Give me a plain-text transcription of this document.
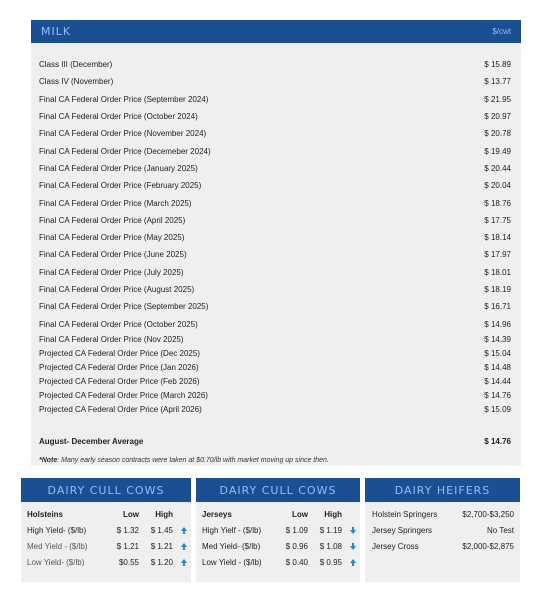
MILK	$/cwt
Class III (December)	$ 15.89
Class IV (November)	$ 13.77
Final CA Federal Order Price (September 2024)	$ 21.95
Final CA Federal Order Price (October 2024)	$ 20.97
Final CA Federal Order Price (November 2024)	$ 20.78
Final CA Federal Order Price (Decemeber 2024)	$ 19.49
Final CA Federal Order Price (January 2025)	$ 20.44
Final CA Federal Order Price (February 2025)	$ 20.04
Final CA Federal Order Price (March 2025)	$ 18.76
Final CA Federal Order Price (April 2025)	$ 17.75
Final CA Federal Order Price (May 2025)	$ 18.14
Final CA Federal Order Price (June 2025)	$ 17.97
Final CA Federal Order Price (July 2025)	$ 18.01
Final CA Federal Order Price (August 2025)	$ 18.19
Final CA Federal Order Price (September 2025)	$ 16.71
Final CA Federal Order Price (October 2025)	$ 14.96
Final CA Federal Order Price (Nov 2025)	$ 14.39
Projected CA Federal Order Price (Dec 2025)	$ 15.04
Projected CA Federal Order Price (Jan 2026)	$ 14.48
Projected CA Federal Order Price (Feb 2026)	$ 14.44
Projected CA Federal Order Price (March 2026)	$ 14.76
Projected CA Federal Order Price (April 2026)	$ 15.09
August- December Average	$ 14.76
*Note: Many early season contracts were taken at $0.70/lb with market moving up since then.
DAIRY CULL COWS
Holsteins	Low	High
High Yield- ($/lb)	$ 1.32	$ 1.45
Med Yield - ($/lb)	$ 1.21	$ 1.21
Low Yield- ($/lb)	$0.55	$ 1.20
DAIRY CULL COWS
Jerseys	Low	High
High Yielf - ($/lb)	$ 1.09	$ 1.19
Med Yield- ($/lb)	$ 0.96	$ 1.08
Low Yield - ($/lb)	$ 0.40	$ 0.95
DAIRY HEIFERS
Holstein Springers	$2,700-$3,250
Jersey Springers	No Test
Jersey Cross	$2,000-$2,875
